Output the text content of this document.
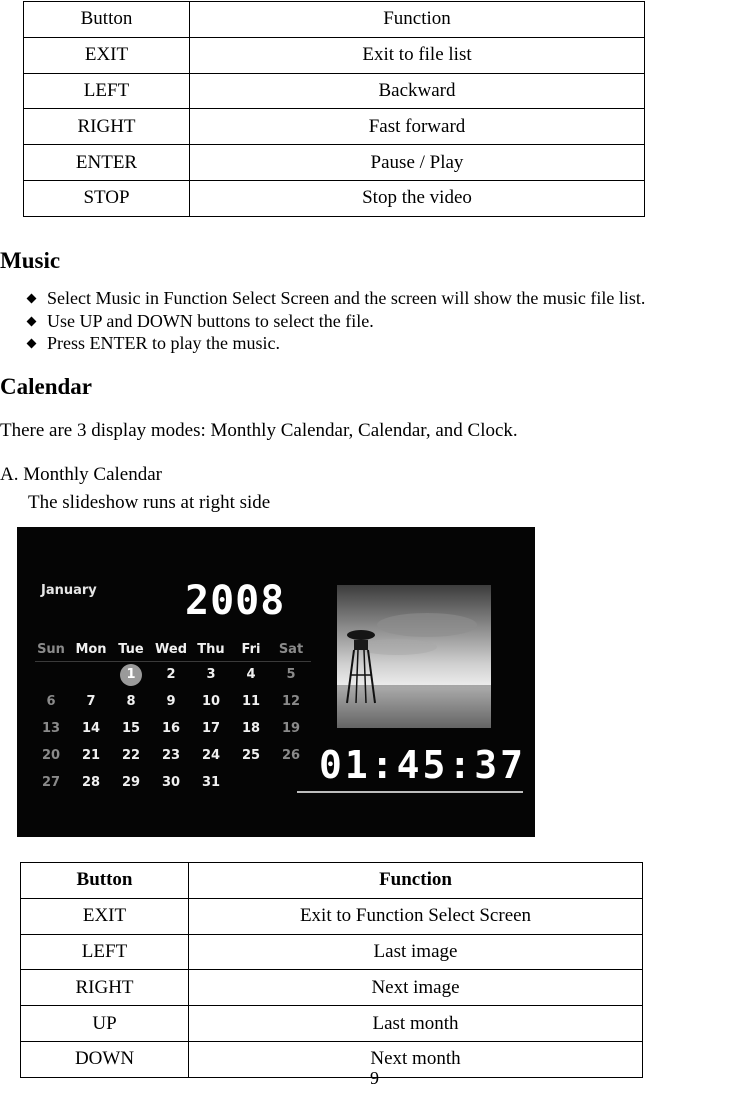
Button	Function
EXIT	Exit to file list
LEFT	Backward
RIGHT	Fast forward
ENTER	Pause / Play
STOP	Stop the video
Music
Select Music in Function Select Screen and the screen will show the music file list.
Use UP and DOWN buttons to select the file.
Press ENTER to play the music.
Calendar
There are 3 display modes: Monthly Calendar, Calendar, and Clock.
A. Monthly Calendar
The slideshow runs at right side
January 2008
Sun	Mon	Tue	Wed	Thu	Fri	Sat
		1	2	3	4	5
6	7	8	9	10	11	12
13	14	15	16	17	18	19
20	21	22	23	24	25	26
27	28	29	30	31			01:45:37
Button	Function
EXIT	Exit to Function Select Screen
LEFT	Last image
RIGHT	Next image
UP	Last month
DOWN	Next month
9
